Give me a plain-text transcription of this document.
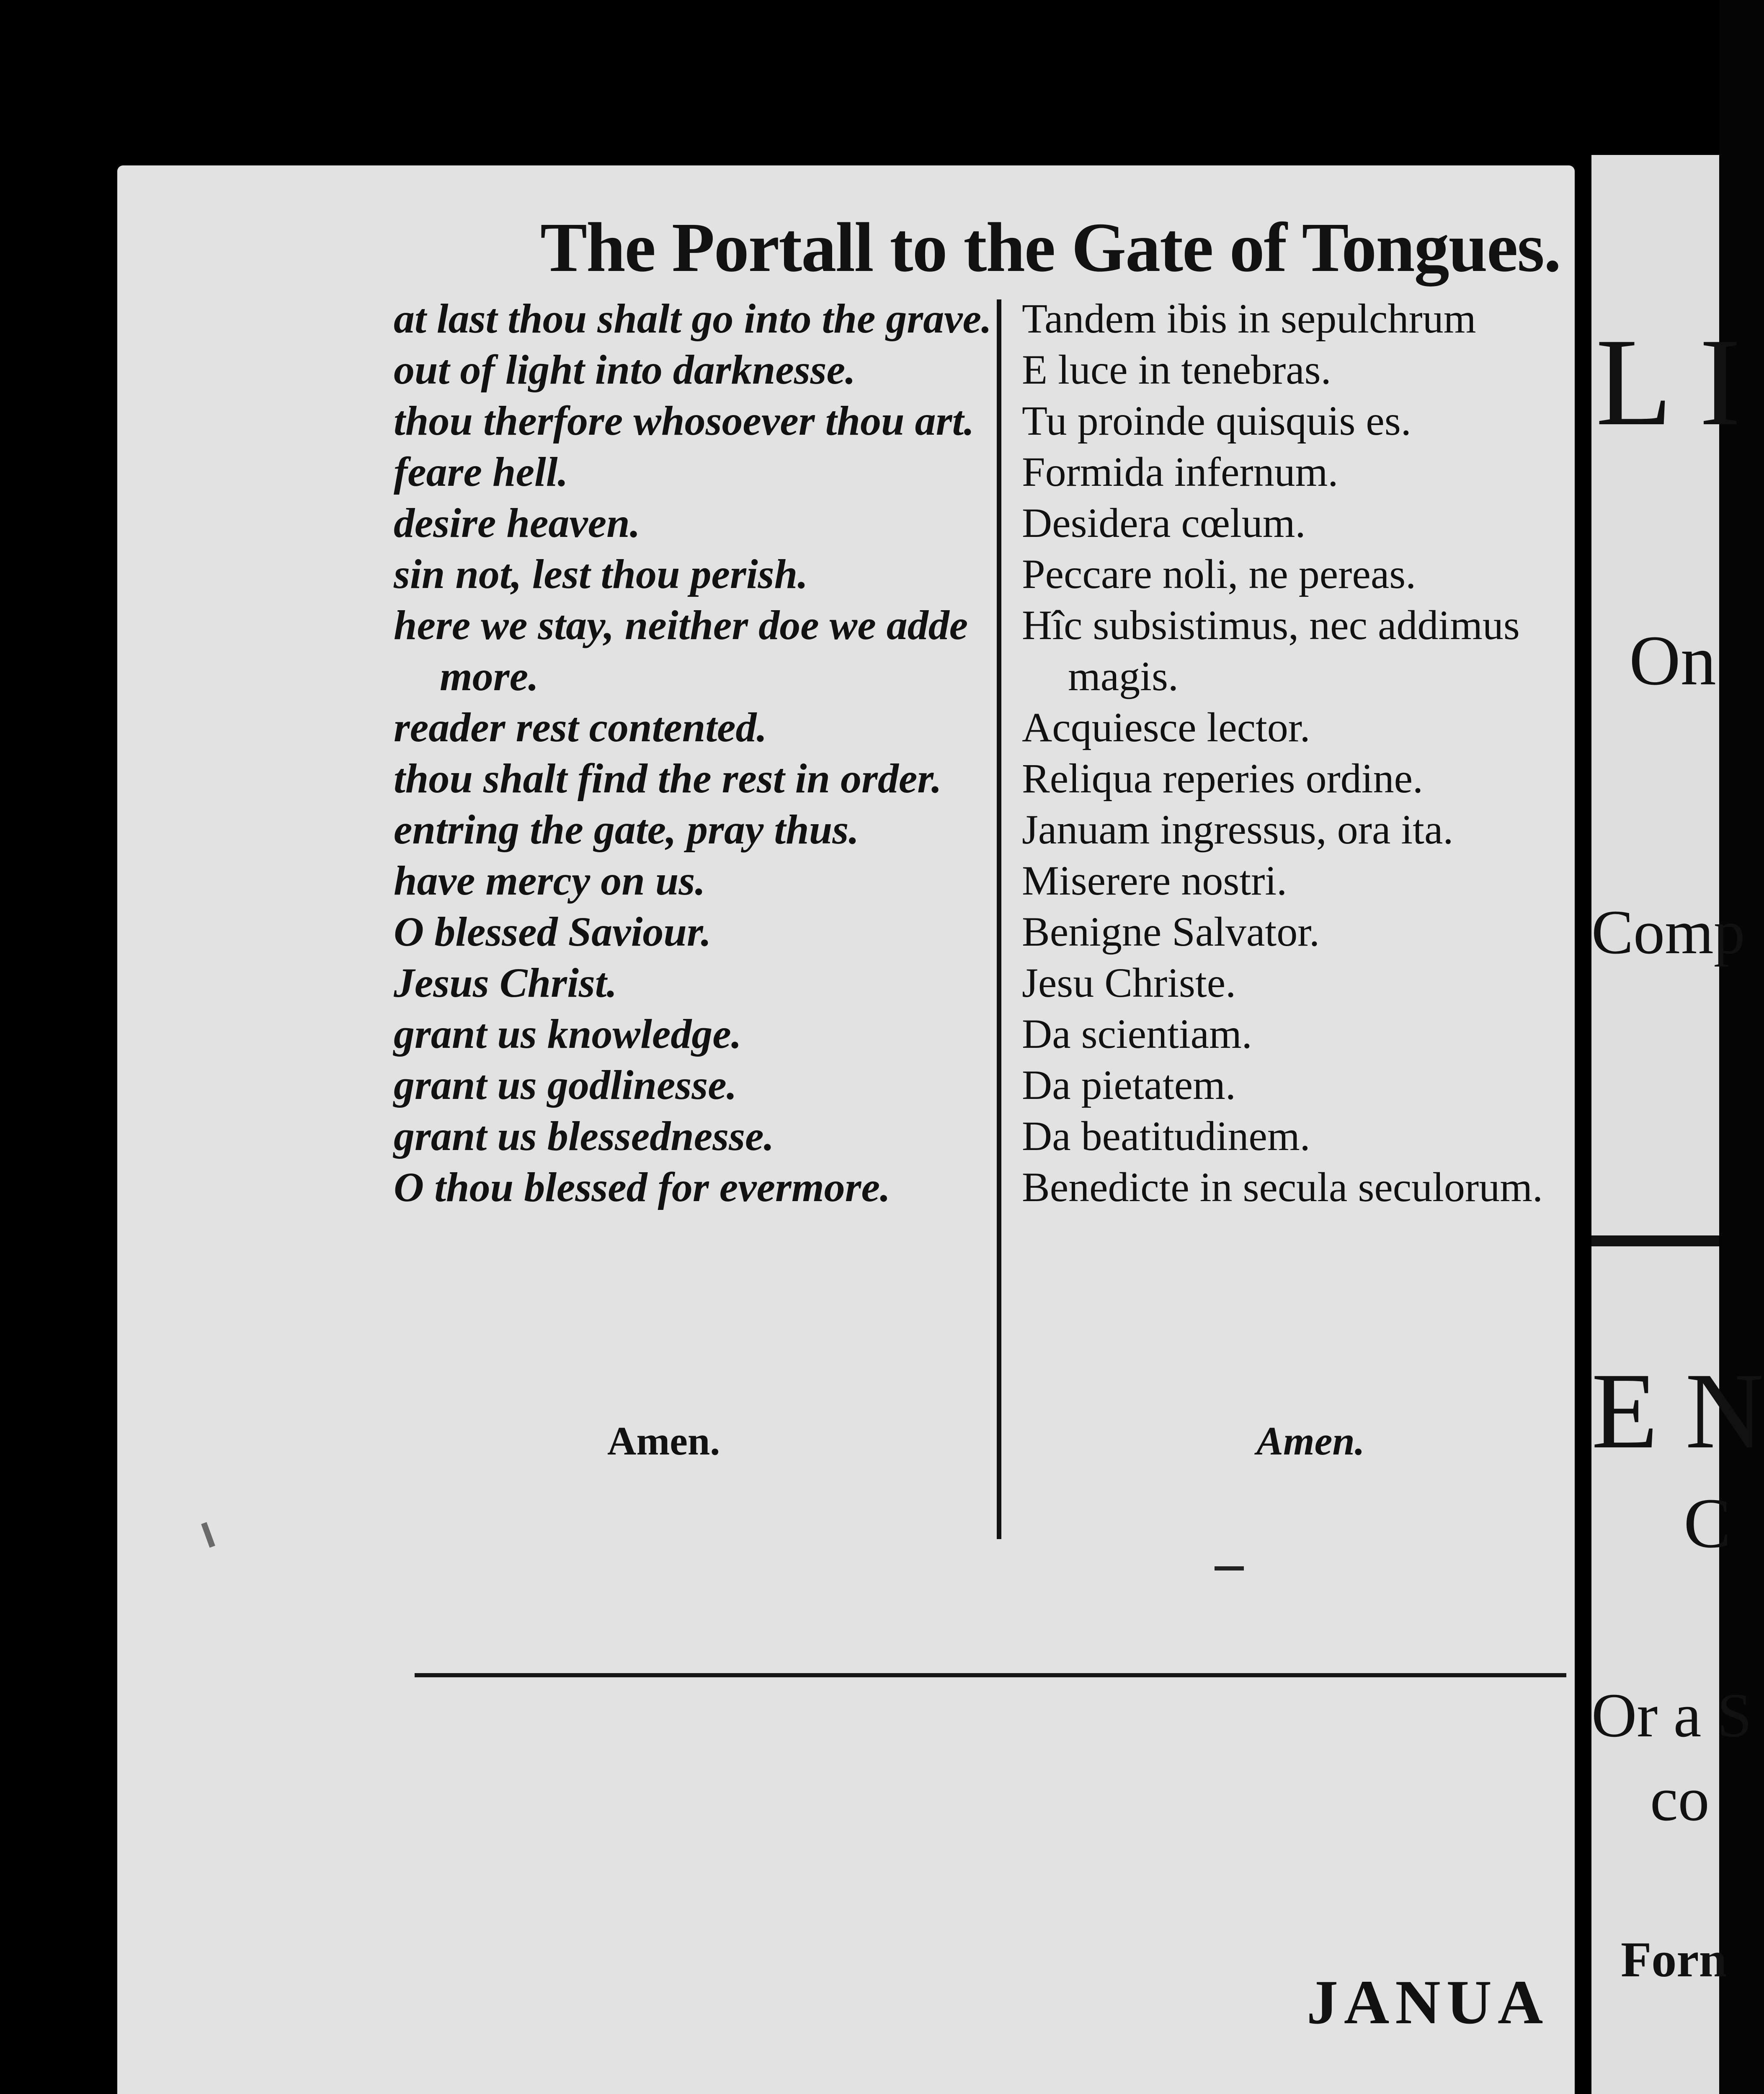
The Portall to the Gate of Tongues.
at last thou shalt go into the grave.
out of light into darknesse.
thou therfore whosoever thou art.
feare hell.
desire heaven.
sin not, lest thou perish.
here we stay, neither doe we adde
more.
reader rest contented.
thou shalt find the rest in order.
entring the gate, pray thus.
have mercy on us.
O blessed Saviour.
Jesus Christ.
grant us knowledge.
grant us godlinesse.
grant us blessednesse.
O thou blessed for evermore.
Tandem ibis in sepulchrum
E luce in tenebras.
Tu proinde quisquis es.
Formida infernum.
Desidera cœlum.
Peccare noli, ne pereas.
Hîc subsistimus, nec addimus
magis.
Acquiesce lector.
Reliqua reperies ordine.
Januam ingressus, ora ita.
Miserere nostri.
Benigne Salvator.
Jesu Christe.
Da scientiam.
Da pietatem.
Da beatitudinem.
Benedicte in secula seculorum.
Amen.	Amen.
JANUA
L I
On
Comp
E N
C
Or a S
co
Forn
